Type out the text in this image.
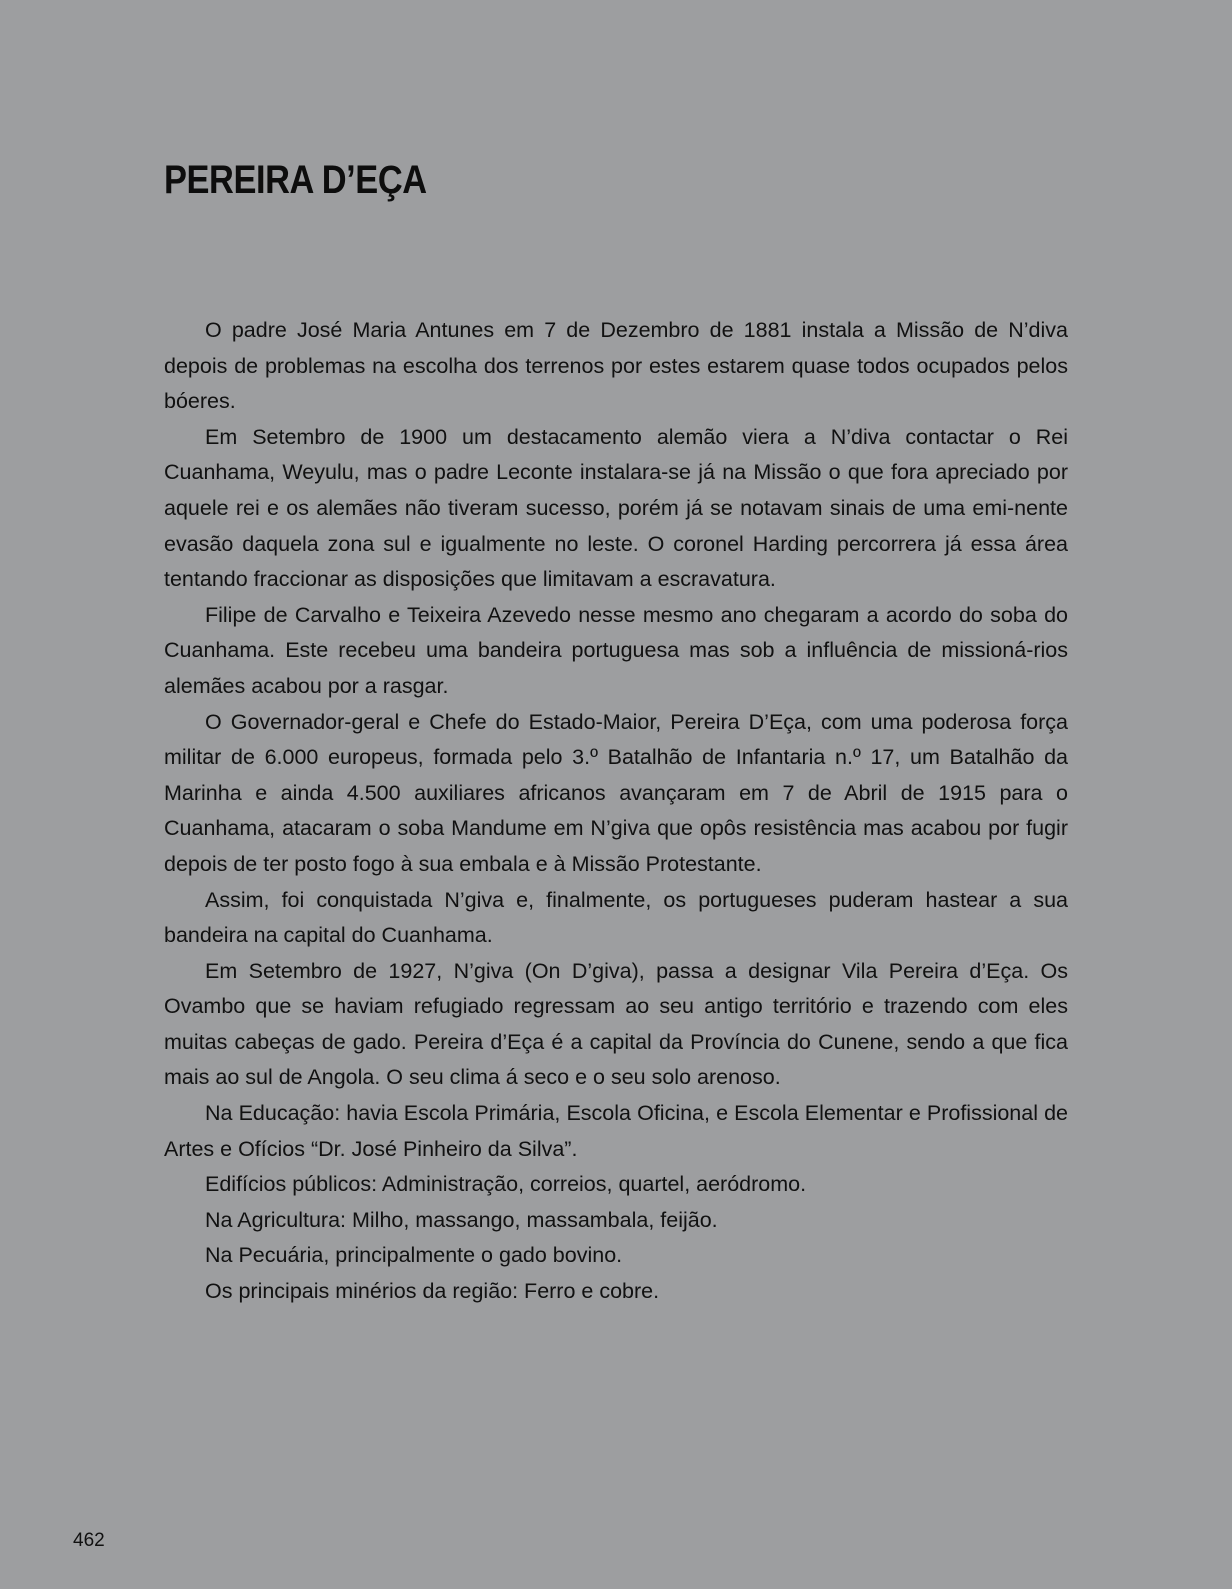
PEREIRA D’EÇA

O padre José Maria Antunes em 7 de Dezembro de 1881 instala a Missão de N’diva depois de problemas na escolha dos terrenos por estes estarem quase todos ocupados pelos bóeres.

Em Setembro de 1900 um destacamento alemão viera a N’diva contactar o Rei Cuanhama, Weyulu, mas o padre Leconte instalara-se já na Missão o que fora apreciado por aquele rei e os alemães não tiveram sucesso, porém já se notavam sinais de uma emi-nente evasão daquela zona sul e igualmente no leste. O coronel Harding percorrera já essa área tentando fraccionar as disposições que limitavam a escravatura.

Filipe de Carvalho e Teixeira Azevedo nesse mesmo ano chegaram a acordo do soba do Cuanhama. Este recebeu uma bandeira portuguesa mas sob a influência de missioná-rios alemães acabou por a rasgar.

O Governador-geral e Chefe do Estado-Maior, Pereira D’Eça, com uma poderosa força militar de 6.000 europeus, formada pelo 3.º Batalhão de Infantaria n.º 17, um Batalhão da Marinha e ainda 4.500 auxiliares africanos avançaram em 7 de Abril de 1915 para o Cuanhama, atacaram o soba Mandume em N’giva que opôs resistência mas acabou por fugir depois de ter posto fogo à sua embala e à Missão Protestante.

Assim, foi conquistada N’giva e, finalmente, os portugueses puderam hastear a sua bandeira na capital do Cuanhama.

Em Setembro de 1927, N’giva (On D’giva), passa a designar Vila Pereira d’Eça. Os Ovambo que se haviam refugiado regressam ao seu antigo território e trazendo com eles muitas cabeças de gado. Pereira d’Eça é a capital da Província do Cunene, sendo a que fica mais ao sul de Angola. O seu clima á seco e o seu solo arenoso.

Na Educação: havia Escola Primária, Escola Oficina, e Escola Elementar e Profissional de Artes e Ofícios “Dr. José Pinheiro da Silva”.

Edifícios públicos: Administração, correios, quartel, aeródromo.

Na Agricultura: Milho, massango, massambala, feijão.

Na Pecuária, principalmente o gado bovino.

Os principais minérios da região: Ferro e cobre.

462
